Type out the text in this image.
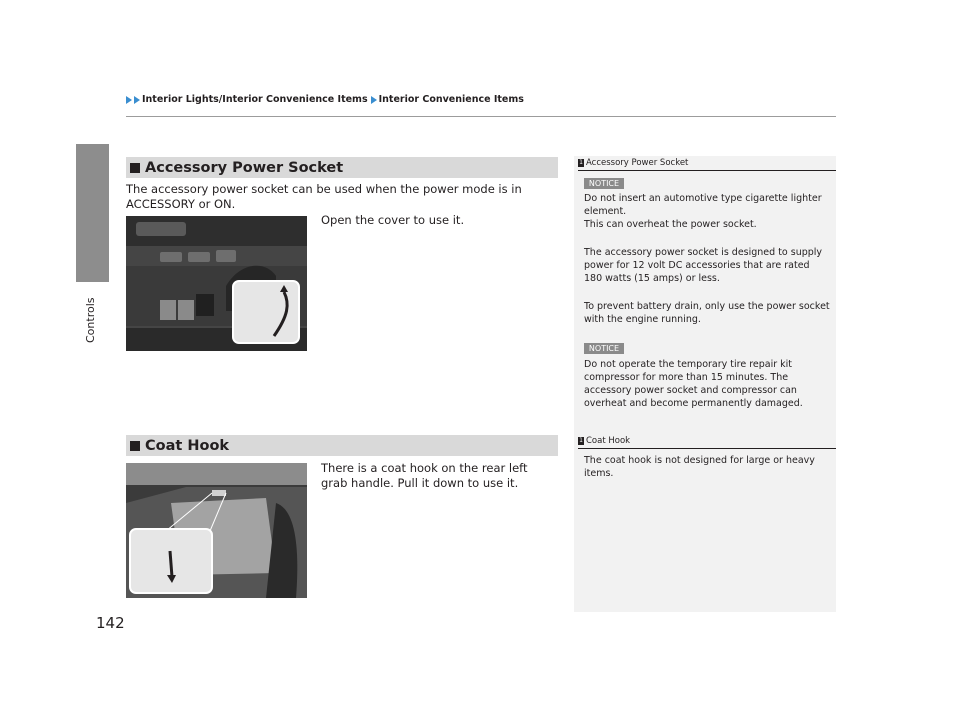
Controls
Interior Lights/Interior Convenience Items Interior Convenience Items
Accessory Power Socket
The accessory power socket can be used when the power mode is in ACCESSORY or ON.
Open the cover to use it.
Coat Hook
There is a coat hook on the rear left grab handle. Pull it down to use it.
1 Accessory Power Socket
NOTICE
Do not insert an automotive type cigarette lighter element.
This can overheat the power socket.
The accessory power socket is designed to supply power for 12 volt DC accessories that are rated 180 watts (15 amps) or less.
To prevent battery drain, only use the power socket with the engine running.
NOTICE
Do not operate the temporary tire repair kit compressor for more than 15 minutes. The accessory power socket and compressor can overheat and become permanently damaged.
1 Coat Hook
The coat hook is not designed for large or heavy items.
142
